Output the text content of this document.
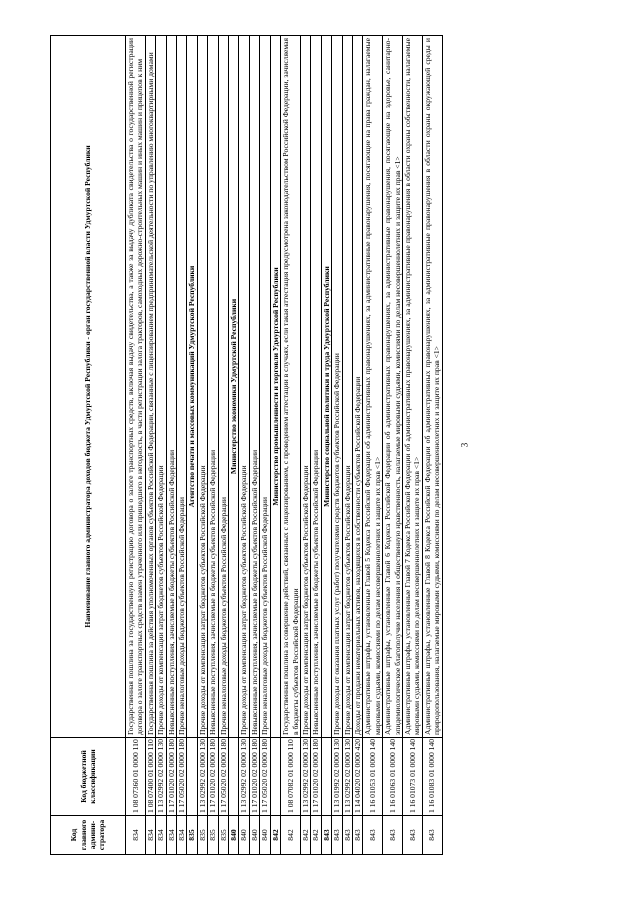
3
Код главного админи-стратора	Код бюджетной классификации	Наименование главного администратора доходов бюджета Удмуртской Республики - орган государственной власти Удмуртской Республики
834	1 08 07360 01 0000 110	Государственная пошлина за государственную регистрацию договора о залоге транспортных средств, включая выдачу свидетельства, а также за выдачу дубликата свидетельства о государственной регистрации договора о залоге транспортных средств взамен утраченного или пришедшего в негодность, в части регистрации залога тракторов, самоходных дорожно-строительных машин и иных машин и прицепов к ним
834	1 08 07400 01 0000 110	Государственная пошлина за действия уполномоченных органов субъектов Российской Федерации, связанные с лицензированием предпринимательской деятельности по управлению многоквартирными домами
834	1 13 02992 02 0000 130	Прочие доходы от компенсации затрат бюджетов субъектов Российской Федерации
834	1 17 01020 02 0000 180	Невыясненные поступления, зачисляемые в бюджеты субъектов Российской Федерации
834	1 17 05020 02 0000 180	Прочие неналоговые доходы бюджетов субъектов Российской Федерации
835		Агентство печати и массовых коммуникаций Удмуртской Республики
835	1 13 02992 02 0000 130	Прочие доходы от компенсации затрат бюджетов субъектов Российской Федерации
835	1 17 01020 02 0000 180	Невыясненные поступления, зачисляемые в бюджеты субъектов Российской Федерации
835	1 17 05020 02 0000 180	Прочие неналоговые доходы бюджетов субъектов Российской Федерации
840		Министерство экономики Удмуртской Республики
840	1 13 02992 02 0000 130	Прочие доходы от компенсации затрат бюджетов субъектов Российской Федерации
840	1 17 01020 02 0000 180	Невыясненные поступления, зачисляемые в бюджеты субъектов Российской Федерации
840	1 17 05020 02 0000 180	Прочие неналоговые доходы бюджетов субъектов Российской Федерации
842		Министерство промышленности и торговли Удмуртской Республики
842	1 08 07082 01 0000 110	Государственная пошлина за совершение действий, связанных с лицензированием, с проведением аттестации в случаях, если такая аттестация предусмотрена законодательством Российской Федерации, зачисляемая в бюджеты субъектов Российской Федерации
842	1 13 02992 02 0000 130	Прочие доходы от компенсации затрат бюджетов субъектов Российской Федерации
842	1 17 01020 02 0000 180	Невыясненные поступления, зачисляемые в бюджеты субъектов Российской Федерации
843		Министерство социальной политики и труда Удмуртской Республики
843	1 13 01992 02 0000 130	Прочие доходы от оказания платных услуг (работ) получателями средств бюджетов субъектов Российской Федерации
843	1 13 02992 02 0000 130	Прочие доходы от компенсации затрат бюджетов субъектов Российской Федерации
843	1 14 04020 02 0000 420	Доходы от продажи нематериальных активов, находящихся в собственности субъектов Российской Федерации
843	1 16 01053 01 0000 140	Административные штрафы, установленные Главой 5 Кодекса Российской Федерации об административных правонарушениях, за административные правонарушения, посягающие на права граждан, налагаемые мировыми судьями, комиссиями по делам несовершеннолетних и защите их прав <1>
843	1 16 01063 01 0000 140	Административные штрафы, установленные Главой 6 Кодекса Российской Федерации об административных правонарушениях, за административные правонарушения, посягающие на здоровье, санитарно-эпидемиологическое благополучие населения и общественную нравственность, налагаемые мировыми судьями, комиссиями по делам несовершеннолетних и защите их прав <1>
843	1 16 01073 01 0000 140	Административные штрафы, установленные Главой 7 Кодекса Российской Федерации об административных правонарушениях, за административные правонарушения в области охраны собственности, налагаемые мировыми судьями, комиссиями по делам несовершеннолетних и защите их прав <1>
843	1 16 01083 01 0000 140	Административные штрафы, установленные Главой 8 Кодекса Российской Федерации об административных правонарушениях, за административные правонарушения в области охраны окружающей среды и природопользования, налагаемые мировыми судьями, комиссиями по делам несовершеннолетних и защите их прав <1>
